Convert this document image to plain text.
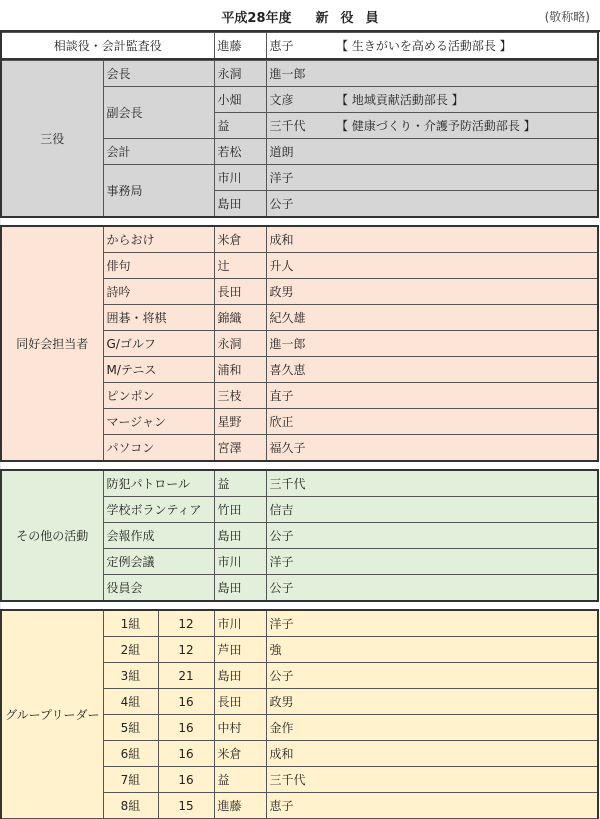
平成28年度 新 役 員	(敬称略)
相談役・会計監査役	進藤	恵子	【 生きがいを高める活動部長 】
三役	会長	永洞	進一郎	
	副会長	小畑	文彦	【 地域貢献活動部長 】
		益	三千代	【 健康づくり・介護予防活動部長 】
	会計	若松	道朗	
	事務局	市川	洋子	
		島田	公子	
同好会担当者	からおけ	米倉	成和	
	俳句	辻	升人	
	詩吟	長田	政男	
	囲碁・将棋	錦織	紀久雄	
	G/ゴルフ	永洞	進一郎	
	M/テニス	浦和	喜久恵	
	ピンポン	三枝	直子	
	マージャン	星野	欣正	
	パソコン	宮澤	福久子	
その他の活動	防犯パトロール	益	三千代	
	学校ボランティア	竹田	信吉	
	会報作成	島田	公子	
	定例会議	市川	洋子	
	役員会	島田	公子	
グループリーダー	1組	12	市川	洋子	
	2組	12	芦田	強	
	3組	21	島田	公子	
	4組	16	長田	政男	
	5組	16	中村	金作	
	6組	16	米倉	成和	
	7組	16	益	三千代	
	8組	15	進藤	恵子	
